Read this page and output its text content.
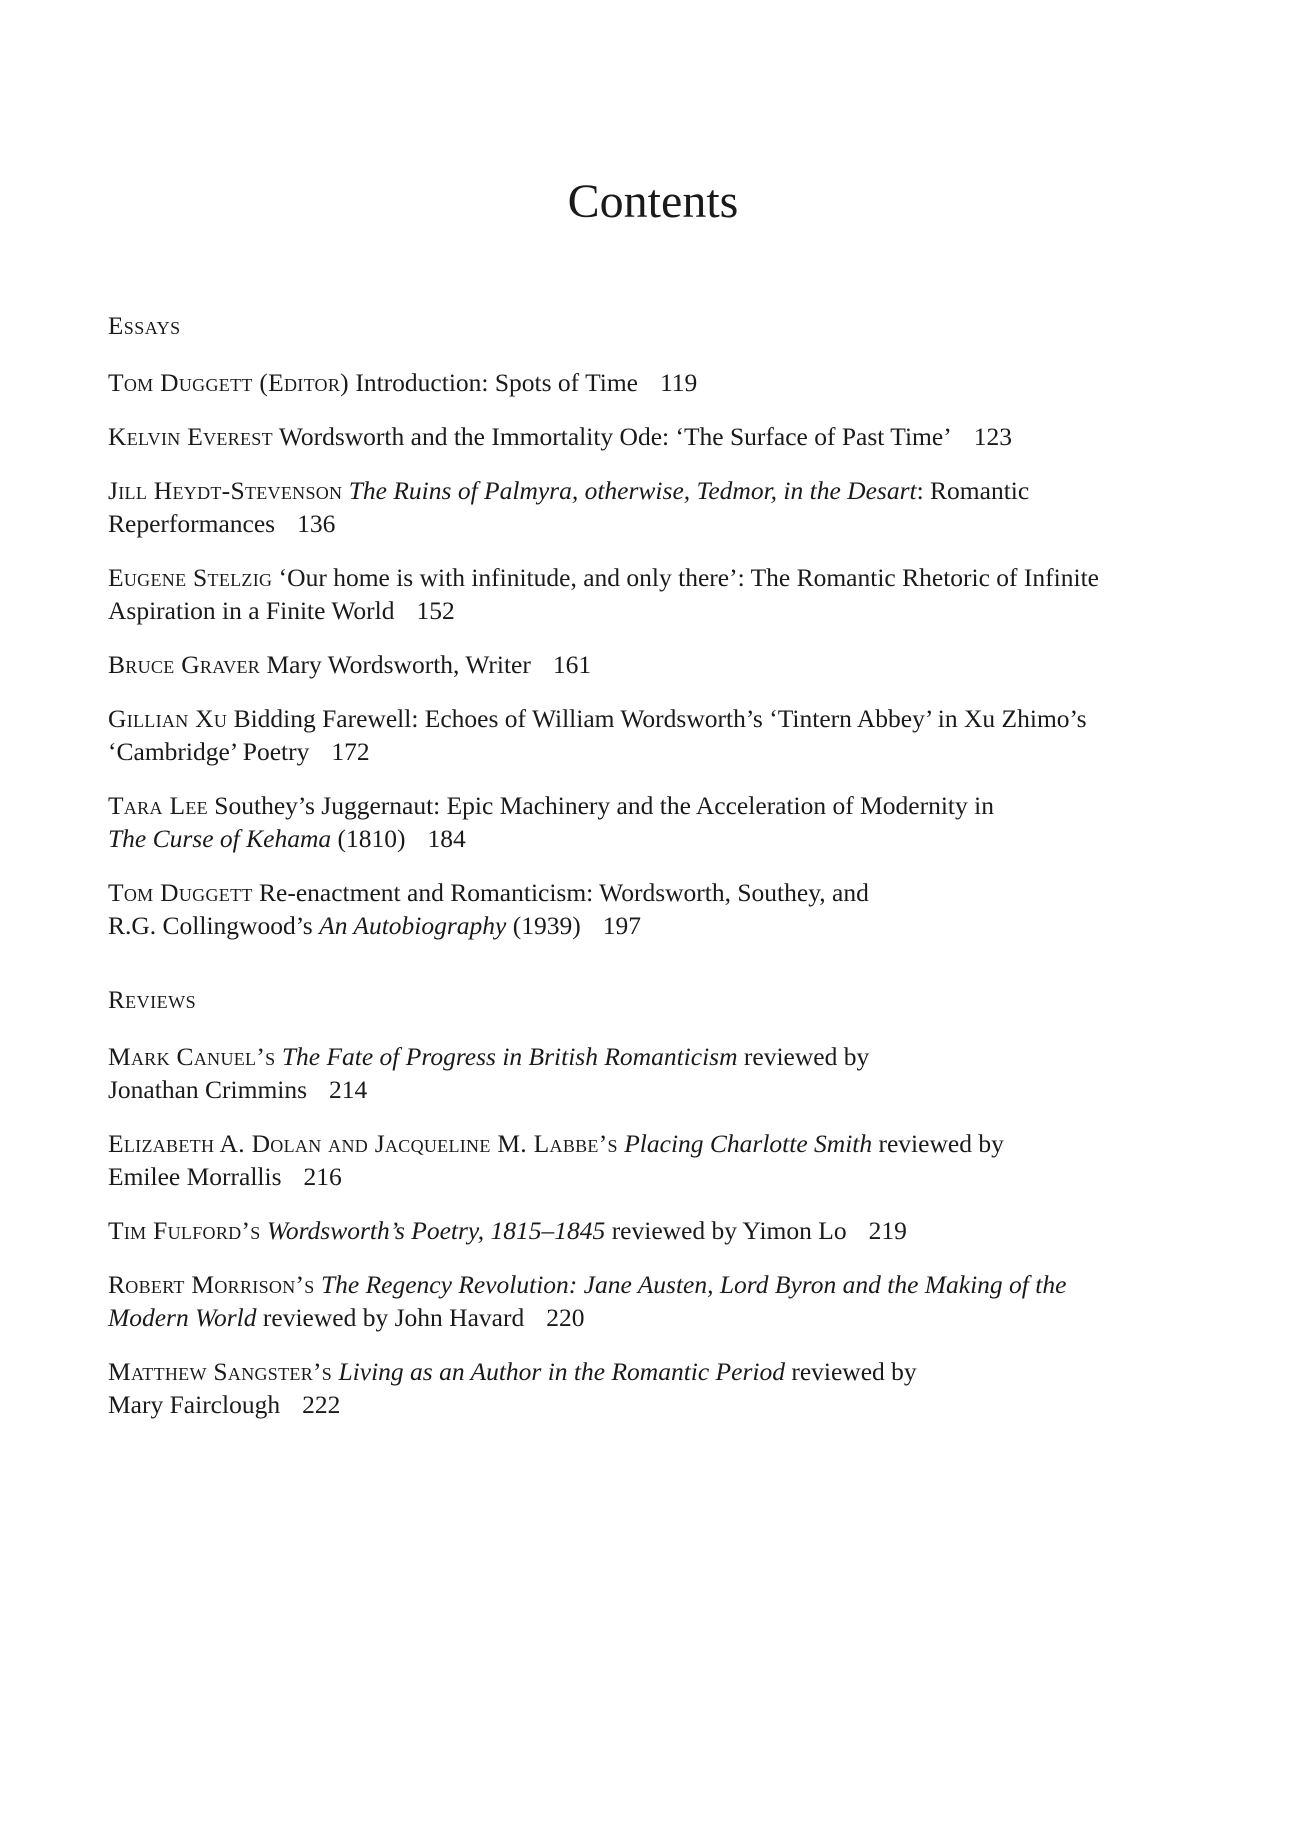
Contents
Essays

Tom Duggett (Editor) Introduction: Spots of Time 119

Kelvin Everest Wordsworth and the Immortality Ode: ‘The Surface of Past Time’ 123

Jill Heydt-Stevenson The Ruins of Palmyra, otherwise, Tedmor, in the Desart: Romantic
Reperformances 136

Eugene Stelzig ‘Our home is with infinitude, and only there’: The Romantic Rhetoric of Infinite
Aspiration in a Finite World 152

Bruce Graver Mary Wordsworth, Writer 161

Gillian Xu Bidding Farewell: Echoes of William Wordsworth’s ‘Tintern Abbey’ in Xu Zhimo’s
‘Cambridge’ Poetry 172

Tara Lee Southey’s Juggernaut: Epic Machinery and the Acceleration of Modernity in
The Curse of Kehama (1810) 184

Tom Duggett Re-enactment and Romanticism: Wordsworth, Southey, and
R.G. Collingwood’s An Autobiography (1939) 197

Reviews

Mark Canuel’s The Fate of Progress in British Romanticism reviewed by
Jonathan Crimmins 214

Elizabeth A. Dolan and Jacqueline M. Labbe’s Placing Charlotte Smith reviewed by
Emilee Morrallis 216

Tim Fulford’s Wordsworth’s Poetry, 1815–1845 reviewed by Yimon Lo 219

Robert Morrison’s The Regency Revolution: Jane Austen, Lord Byron and the Making of the
Modern World reviewed by John Havard 220

Matthew Sangster’s Living as an Author in the Romantic Period reviewed by
Mary Fairclough 222
